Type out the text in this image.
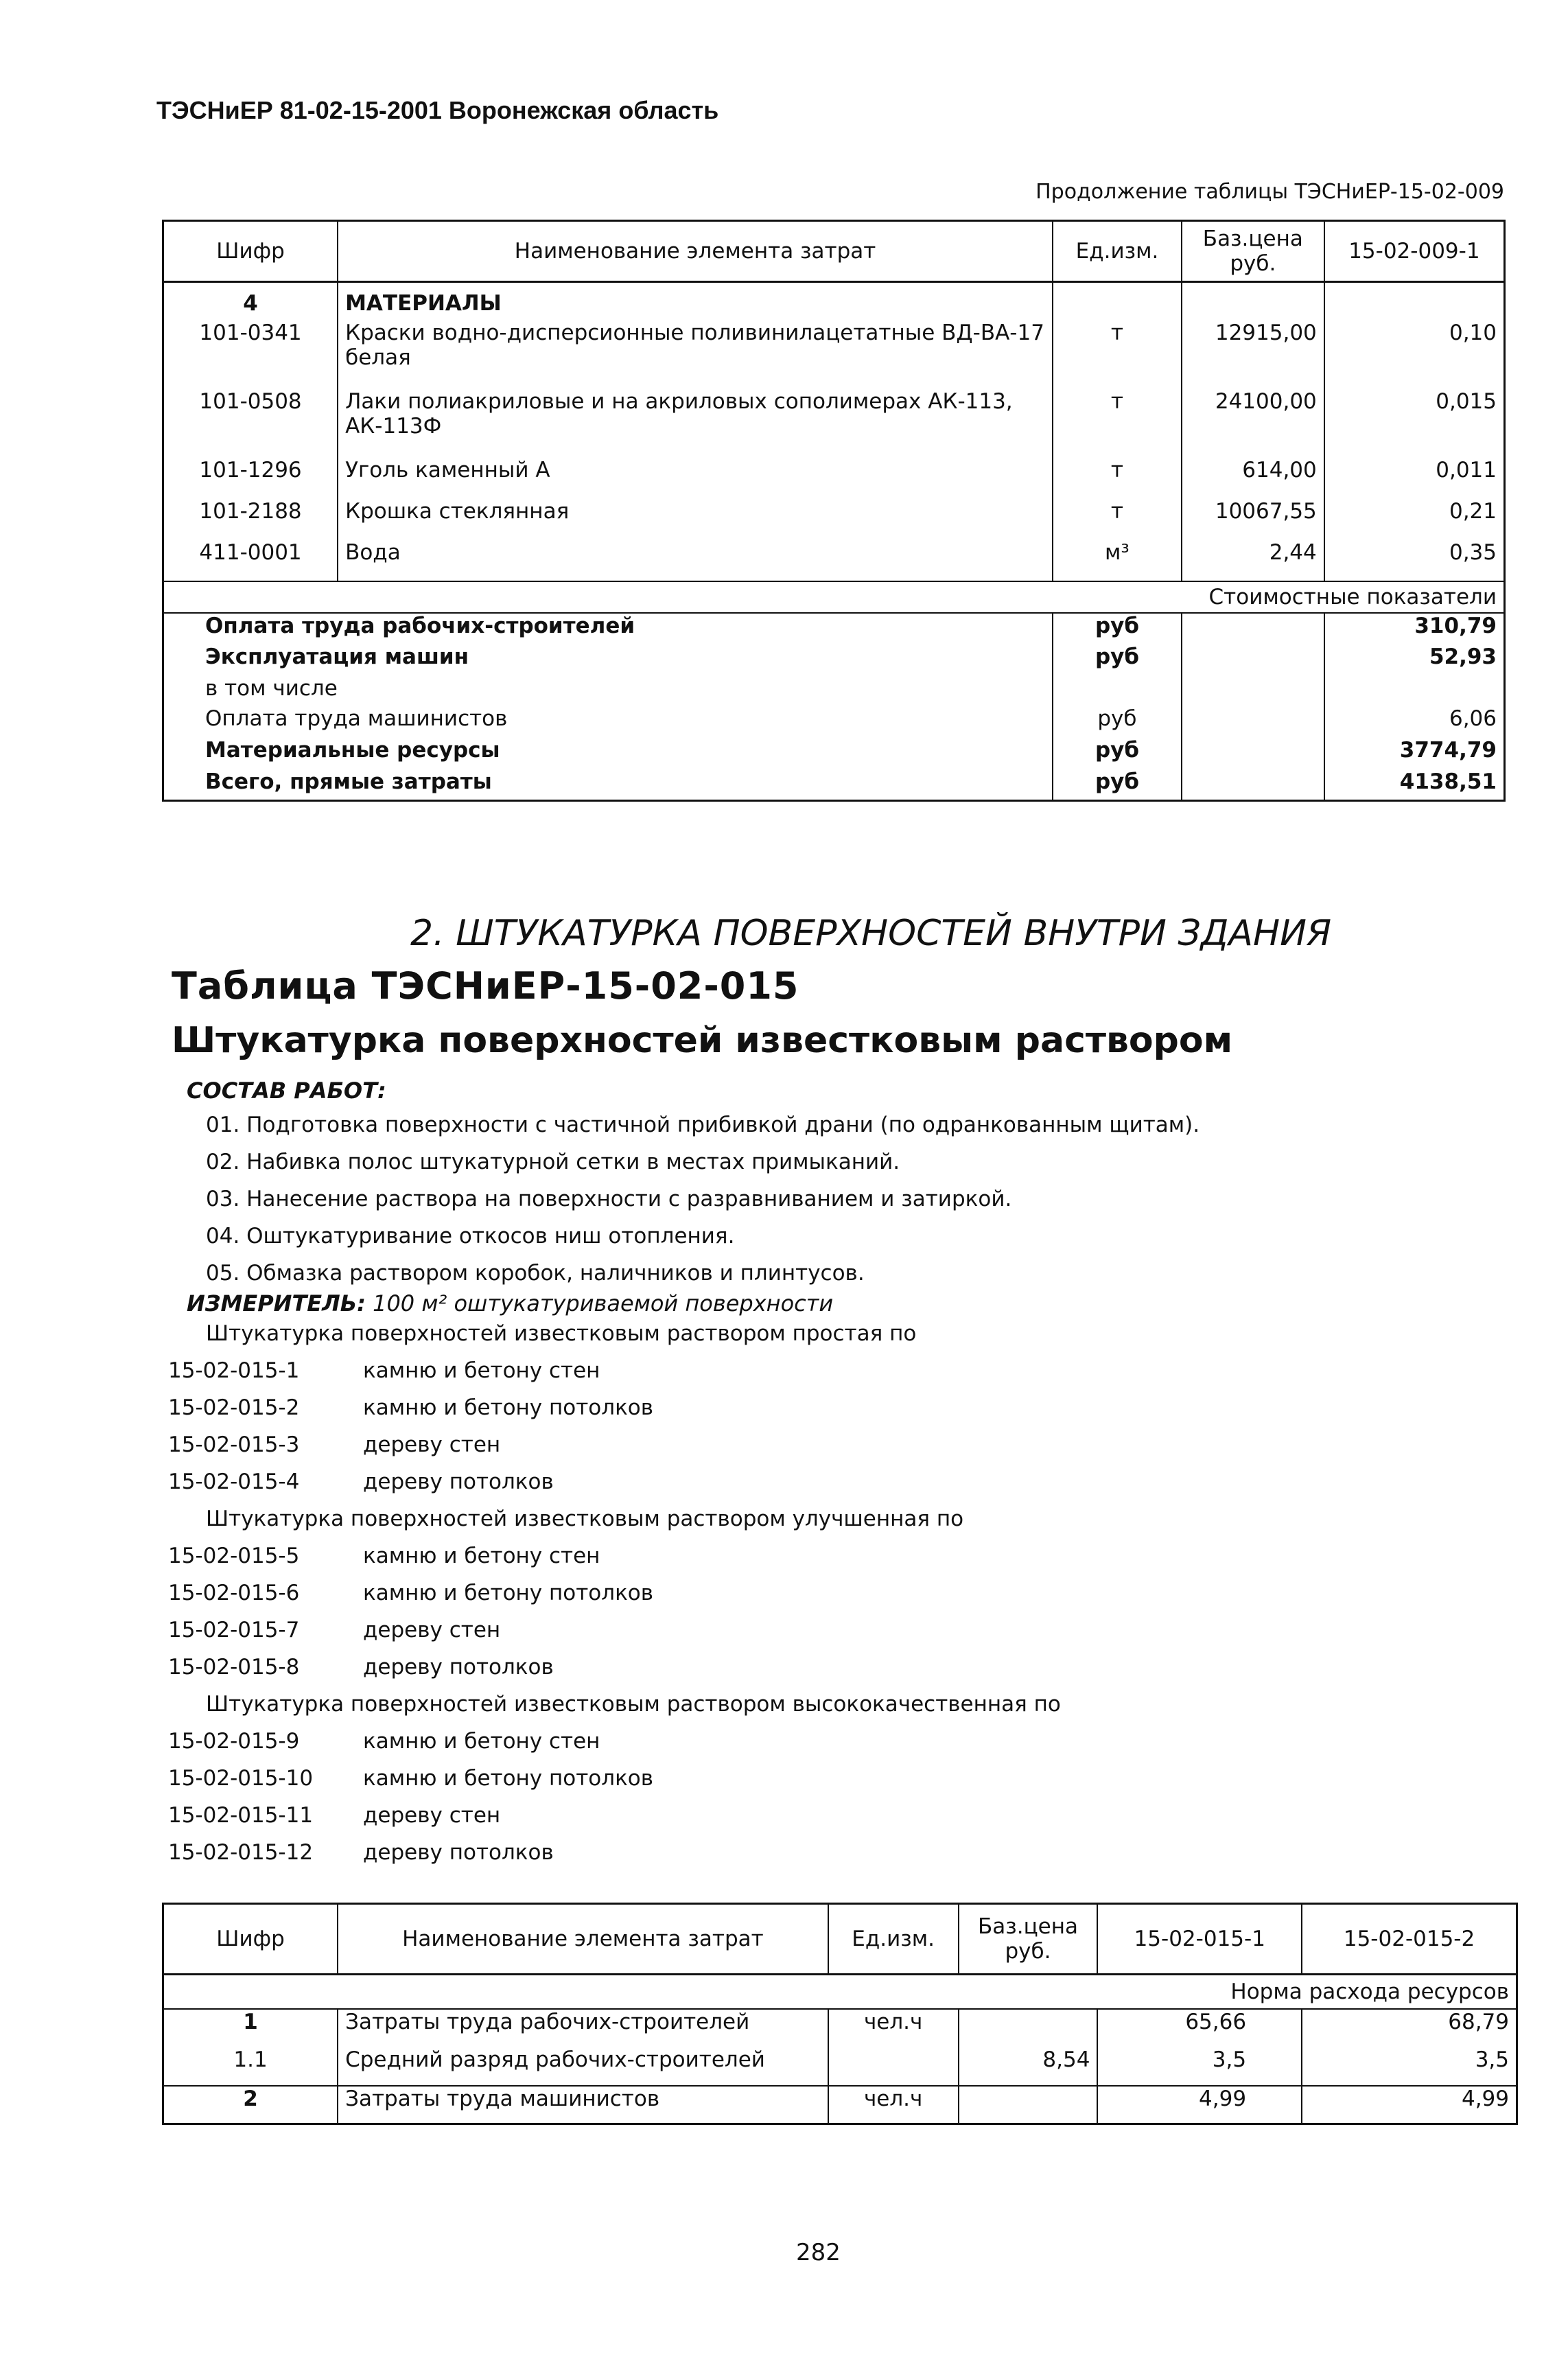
ТЭСНиЕР 81-02-15-2001 Воронежская область
Продолжение таблицы ТЭСНиЕР-15-02-009
Шифр	Наименование элемента затрат	Ед.изм.	Баз.цена руб.	15-02-009-1
4	МАТЕРИАЛЫ			
101-0341	Краски водно-дисперсионные поливинилацетатные ВД-ВА-17 белая	т	12915,00	0,10
101-0508	Лаки полиакриловые и на акриловых сополимерах АК-113, АК-113Ф	т	24100,00	0,015
101-1296	Уголь каменный А	т	614,00	0,011
101-2188	Крошка стеклянная	т	10067,55	0,21
411-0001	Вода	м³	2,44	0,35
Стоимостные показатели				
Оплата труда рабочих-строителей		руб		310,79
Эксплуатация машин		руб		52,93
в том числе				
Оплата труда машинистов		руб		6,06
Материальные ресурсы		руб		3774,79
Всего, прямые затраты		руб		4138,51
2. ШТУКАТУРКА ПОВЕРХНОСТЕЙ ВНУТРИ ЗДАНИЯ
Таблица ТЭСНиЕР-15-02-015
Штукатурка поверхностей известковым раствором
СОСТАВ РАБОТ:
01. Подготовка поверхности с частичной прибивкой драни (по одранкованным щитам).
02. Набивка полос штукатурной сетки в местах примыканий.
03. Нанесение раствора на поверхности с разравниванием и затиркой.
04. Оштукатуривание откосов ниш отопления.
05. Обмазка раствором коробок, наличников и плинтусов.
ИЗМЕРИТЕЛЬ: 100 м² оштукатуриваемой поверхности
Штукатурка поверхностей известковым раствором простая по
15-02-015-1	камню и бетону стен
15-02-015-2	камню и бетону потолков
15-02-015-3	дереву стен
15-02-015-4	дереву потолков
Штукатурка поверхностей известковым раствором улучшенная по
15-02-015-5	камню и бетону стен
15-02-015-6	камню и бетону потолков
15-02-015-7	дереву стен
15-02-015-8	дереву потолков
Штукатурка поверхностей известковым раствором высококачественная по
15-02-015-9	камню и бетону стен
15-02-015-10 камню и бетону потолков
15-02-015-11 дереву стен
15-02-015-12 дереву потолков
Шифр	Наименование элемента затрат	Ед.изм.	Баз.цена руб.	15-02-015-1	15-02-015-2
Норма расхода ресурсов					
1	Затраты труда рабочих-строителей	чел.ч		65,66	68,79
1.1	Средний разряд рабочих-строителей		8,54	3,5	3,5
2	Затраты труда машинистов	чел.ч		4,99	4,99
282
